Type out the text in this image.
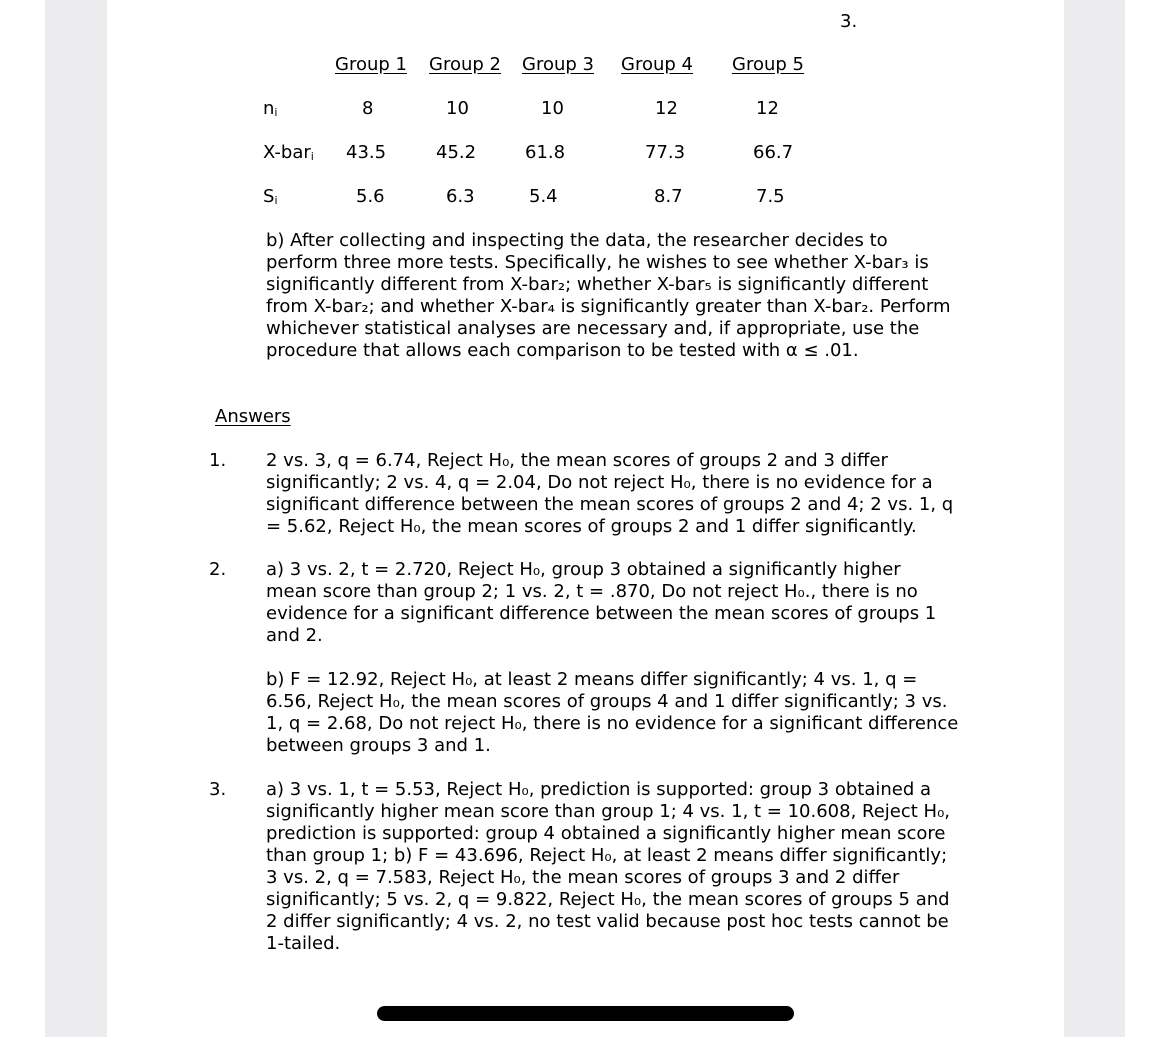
3.
Group 1 Group 2 Group 3 Group 4 Group 5
$n_i$	8	10	10	12	12
X-bar$_i$ 43.5	45.2	61.8	77.3	66.7
$S_i$	5.6	6.3	5.4	8.7	7.5
b) After collecting and inspecting the data, the researcher decides to
perform three more tests. Specifically, he wishes to see whether X-bar₃ is
significantly different from X-bar₂; whether X-bar₅ is significantly different
from X-bar₂; and whether X-bar₄ is significantly greater than X-bar₂. Perform
whichever statistical analyses are necessary and, if appropriate, use the
procedure that allows each comparison to be tested with α ≤ .01.
Answers
1. 2 vs. 3, q = 6.74, Reject H₀, the mean scores of groups 2 and 3 differ
significantly; 2 vs. 4, q = 2.04, Do not reject H₀, there is no evidence for a
significant difference between the mean scores of groups 2 and 4; 2 vs. 1, q
= 5.62, Reject H₀, the mean scores of groups 2 and 1 differ significantly.
2. a) 3 vs. 2, t = 2.720, Reject H₀, group 3 obtained a significantly higher
mean score than group 2; 1 vs. 2, t = .870, Do not reject H₀., there is no
evidence for a significant difference between the mean scores of groups 1
and 2.
b) F = 12.92, Reject H₀, at least 2 means differ significantly; 4 vs. 1, q =
6.56, Reject H₀, the mean scores of groups 4 and 1 differ significantly; 3 vs.
1, q = 2.68, Do not reject H₀, there is no evidence for a significant difference
between groups 3 and 1.
3. a) 3 vs. 1, t = 5.53, Reject H₀, prediction is supported: group 3 obtained a
significantly higher mean score than group 1; 4 vs. 1, t = 10.608, Reject H₀,
prediction is supported: group 4 obtained a significantly higher mean score
than group 1; b) F = 43.696, Reject H₀, at least 2 means differ significantly;
3 vs. 2, q = 7.583, Reject H₀, the mean scores of groups 3 and 2 differ
significantly; 5 vs. 2, q = 9.822, Reject H₀, the mean scores of groups 5 and
2 differ significantly; 4 vs. 2, no test valid because post hoc tests cannot be
1-tailed.
